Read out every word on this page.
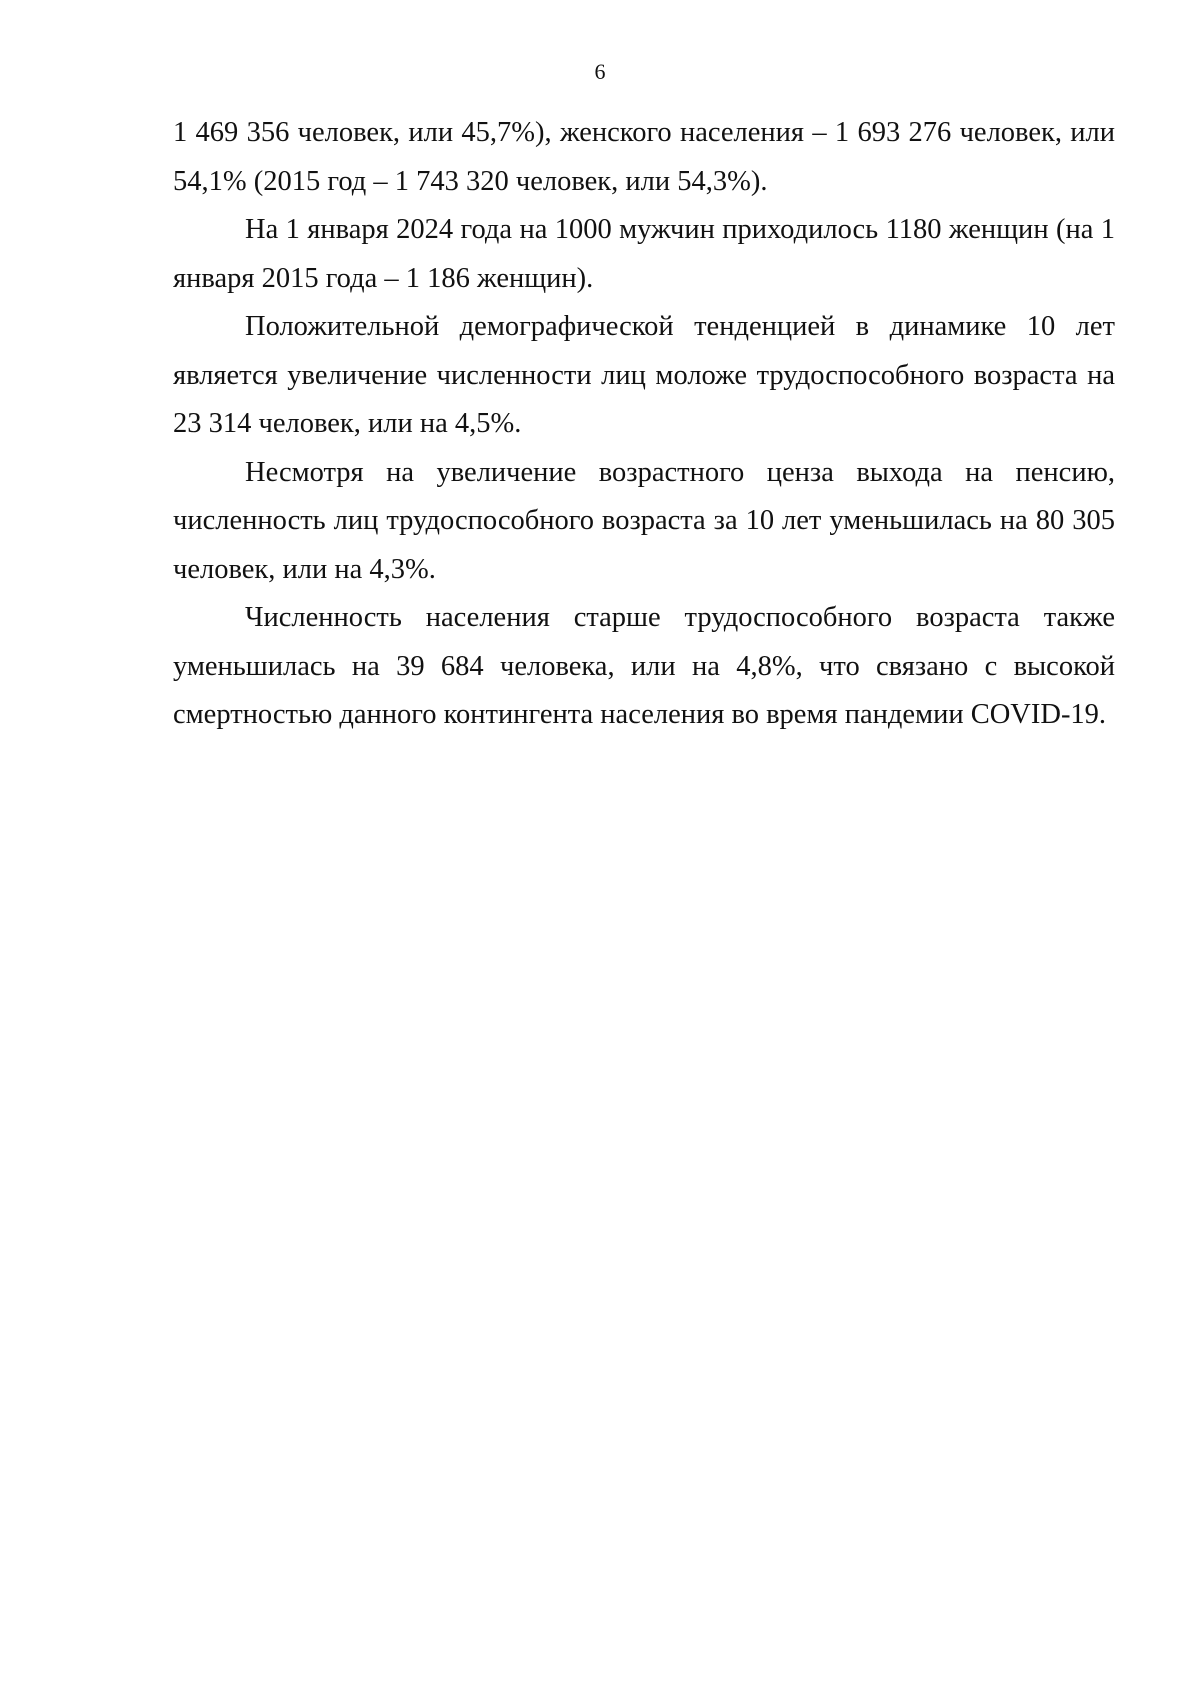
6

1 469 356 человек, или 45,7%), женского населения – 1 693 276 человек, или 54,1% (2015 год – 1 743 320 человек, или 54,3%).

На 1 января 2024 года на 1000 мужчин приходилось 1180 женщин (на 1 января 2015 года – 1 186 женщин).

Положительной демографической тенденцией в динамике 10 лет является увеличение численности лиц моложе трудоспособного возраста на 23 314 человек, или на 4,5%.

Несмотря на увеличение возрастного ценза выхода на пенсию, численность лиц трудоспособного возраста за 10 лет уменьшилась на 80 305 человек, или на 4,3%.

Численность населения старше трудоспособного возраста также уменьшилась на 39 684 человека, или на 4,8%, что связано с высокой смертностью данного контингента населения во время пандемии COVID-19.
